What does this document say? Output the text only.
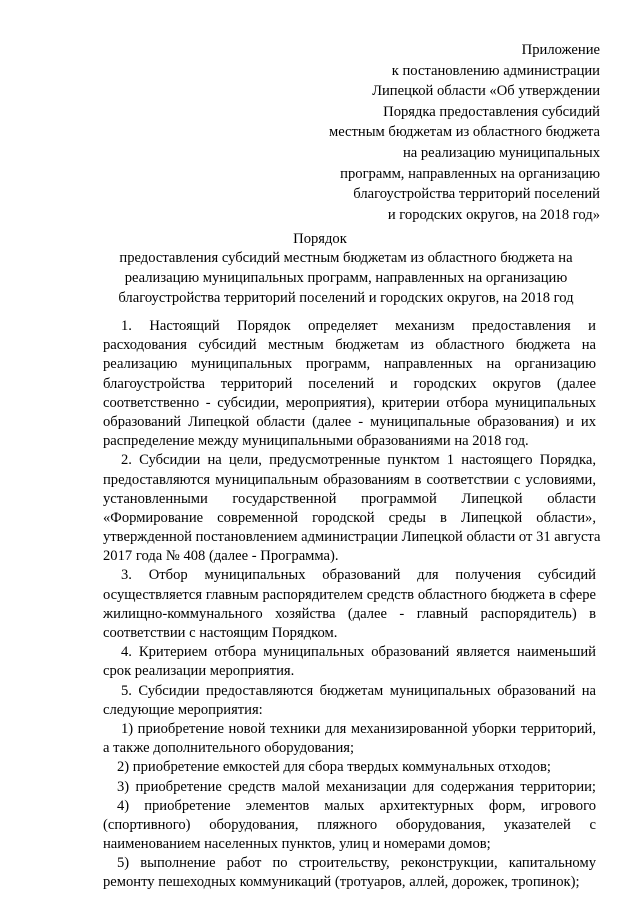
Приложение
к постановлению администрации
Липецкой области «Об утверждении
Порядка предоставления субсидий
местным бюджетам из областного бюджета
на реализацию муниципальных
программ, направленных на организацию
благоустройства территорий поселений
и городских округов, на 2018 год»
Порядок
предоставления субсидий местным бюджетам из областного бюджета на
реализацию муниципальных программ, направленных на организацию
благоустройства территорий поселений и городских округов, на 2018 год
1. Настоящий Порядок определяет механизм предоставления и
расходования субсидий местным бюджетам из областного бюджета на
реализацию муниципальных программ, направленных на организацию
благоустройства территорий поселений и городских округов (далее
соответственно - субсидии, мероприятия), критерии отбора муниципальных
образований Липецкой области (далее - муниципальные образования) и их
распределение между муниципальными образованиями на 2018 год.
2. Субсидии на цели, предусмотренные пунктом 1 настоящего Порядка,
предоставляются муниципальным образованиям в соответствии с условиями,
установленными государственной программой Липецкой области
«Формирование современной городской среды в Липецкой области»,
утвержденной постановлением администрации Липецкой области от 31 августа
2017 года № 408 (далее - Программа).
3. Отбор муниципальных образований для получения субсидий
осуществляется главным распорядителем средств областного бюджета в сфере
жилищно-коммунального хозяйства (далее - главный распорядитель) в
соответствии с настоящим Порядком.
4. Критерием отбора муниципальных образований является наименьший
срок реализации мероприятия.
5. Субсидии предоставляются бюджетам муниципальных образований на
следующие мероприятия:
1) приобретение новой техники для механизированной уборки территорий,
а также дополнительного оборудования;
2) приобретение емкостей для сбора твердых коммунальных отходов;
3) приобретение средств малой механизации для содержания территории;
4) приобретение элементов малых архитектурных форм, игрового
(спортивного) оборудования, пляжного оборудования, указателей с
наименованием населенных пунктов, улиц и номерами домов;
5) выполнение работ по строительству, реконструкции, капитальному
ремонту пешеходных коммуникаций (тротуаров, аллей, дорожек, тропинок);
